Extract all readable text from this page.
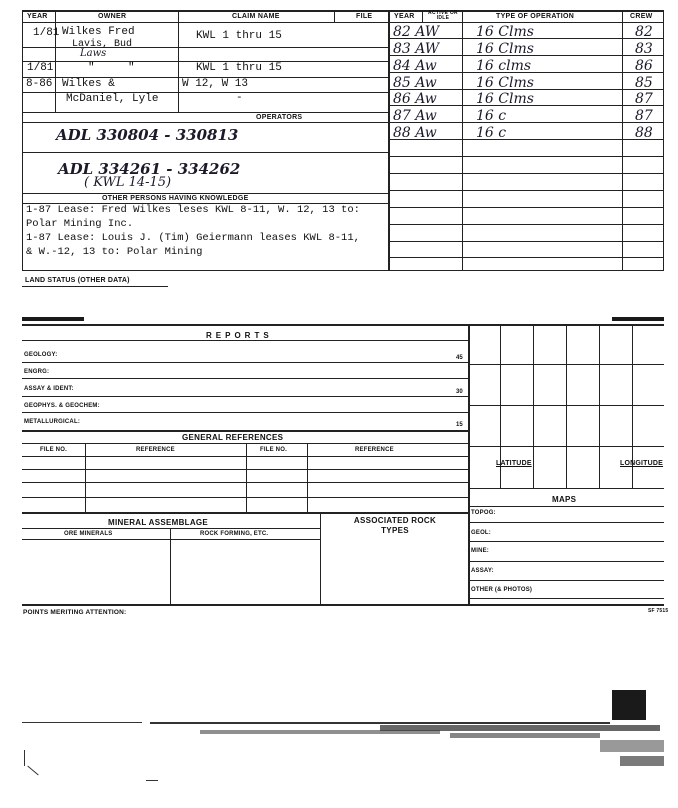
YEAR	OWNER	CLAIM NAME	FILE	YEAR	ACTIVE OR IDLE	TYPE OF OPERATION	CREW
1/81 Wilkes Fred	KWL 1 thru 15
Lavis, Bud
Laws
1/81	"	"	KWL 1 thru 15
8-86 Wilkes &	W 12, W 13
McDaniel, Lyle	-
OPERATORS
ADL 330804 - 330813
ADL 334261 - 334262
( KWL 14-15)
OTHER PERSONS HAVING KNOWLEDGE
1-87 Lease: Fred Wilkes leses KWL 8-11, W. 12, 13 to:
Polar Mining Inc.
1-87 Lease: Louis J. (Tim) Geiermann leases KWL 8-11,
& W.-12, 13 to: Polar Mining
82 AW	16 Clms	82
83 AW	16 Clms	83
84 Aw	16 clms	86
85 Aw	16 Clms	85
86 Aw	16 Clms	87
87 Aw	16 c	87
88 Aw	16 c	88
LAND STATUS (OTHER DATA)
REPORTS
GEOLOGY:	45
ENGRG:
ASSAY & IDENT:	30
GEOPHYS. & GEOCHEM:
METALLURGICAL:	15
GENERAL REFERENCES
FILE NO.	REFERENCE	FILE NO.	REFERENCE
LATITUDE	LONGITUDE
MAPS
TOPOG:
GEOL:
MINE:
ASSAY:
OTHER (& PHOTOS)
MINERAL ASSEMBLAGE
ORE MINERALS	ROCK FORMING, ETC.
ASSOCIATED ROCK TYPES
POINTS MERITING ATTENTION:	SF 7515
